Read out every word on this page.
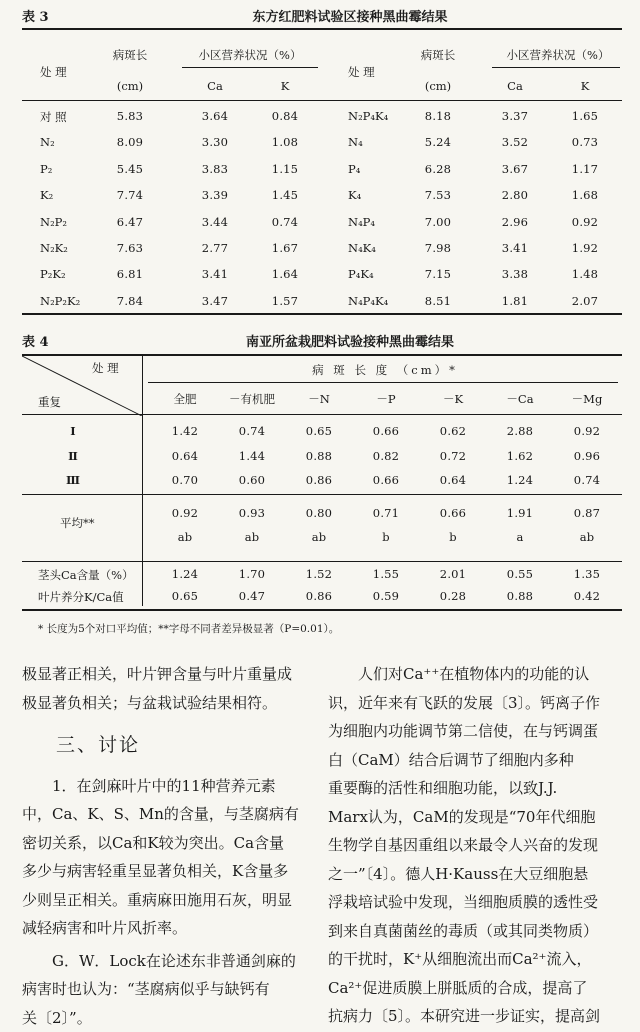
表 3	东方红肥料试验区接种黑曲霉结果
处 理
病斑长
(cm)
小区营养状况（%）
Ca	K
处 理
病斑长
(cm)
小区营养状况（%）
Ca	K
对 照	5.83	3.64	0.84
N₂	8.09	3.30	1.08
P₂	5.45	3.83	1.15
K₂	7.74	3.39	1.45
N₂P₂	6.47	3.44	0.74
N₂K₂	7.63	2.77	1.67
P₂K₂	6.81	3.41	1.64
N₂P₂K₂	7.84	3.47	1.57
N₂P₄K₄	8.18	3.37	1.65
N₄	5.24	3.52	0.73
P₄	6.28	3.67	1.17
K₄	7.53	2.80	1.68
N₄P₄	7.00	2.96	0.92
N₄K₄	7.98	3.41	1.92
P₄K₄	7.15	3.38	1.48
N₄P₄K₄	8.51	1.81	2.07
表 4	南亚所盆栽肥料试验接种黑曲霉结果
处 理
重复
病 斑 长 度 （cm）*
全肥	－有机肥	－N	－P	－K	－Ca	－Mg
Ⅰ	1.42	0.74	0.65	0.66	0.62	2.88	0.92
Ⅱ	0.64	1.44	0.88	0.82	0.72	1.62	0.96
Ⅲ	0.70	0.60	0.86	0.66	0.64	1.24	0.74
平均**
0.92	0.93	0.80	0.71	0.66	1.91	0.87
ab	ab	ab	b	b	a	ab
茎头Ca含量（%）	1.24	1.70	1.52	1.55	2.01	0.55	1.35
叶片养分K/Ca值	0.65	0.47	0.86	0.59	0.28	0.88	0.42
* 长度为5个对口平均值；**字母不同者差异极显著（P=0.01）。
极显著正相关，叶片钾含量与叶片重量成
极显著负相关；与盆栽试验结果相符。
三、讨论
1．在剑麻叶片中的11种营养元素
中，Ca、K、S、Mn的含量，与茎腐病有
密切关系，以Ca和K较为突出。Ca含量
多少与病害轻重呈显著负相关，K含量多
少则呈正相关。重病麻田施用石灰，明显
减轻病害和叶片风折率。
G．W．Lock在论述东非普通剑麻的
病害时也认为：“茎腐病似乎与缺钙有
关〔2〕”。
人们对Ca⁺⁺在植物体内的功能的认
识，近年来有飞跃的发展〔3〕。钙离子作
为细胞内功能调节第二信使，在与钙调蛋
白（CaM）结合后调节了细胞内多种
重要酶的活性和细胞功能，以致J.J.
Marx认为，CaM的发现是“70年代细胞
生物学自基因重组以来最令人兴奋的发现
之一”〔4〕。德人H·Kauss在大豆细胞悬
浮栽培试验中发现，当细胞质膜的透性受
到来自真菌菌丝的毒质（或其同类物质）
的干扰时，K⁺从细胞流出而Ca²⁺流入，
Ca²⁺促进质膜上胼胝质的合成，提高了
抗病力〔5〕。本研究进一步证实，提高剑
